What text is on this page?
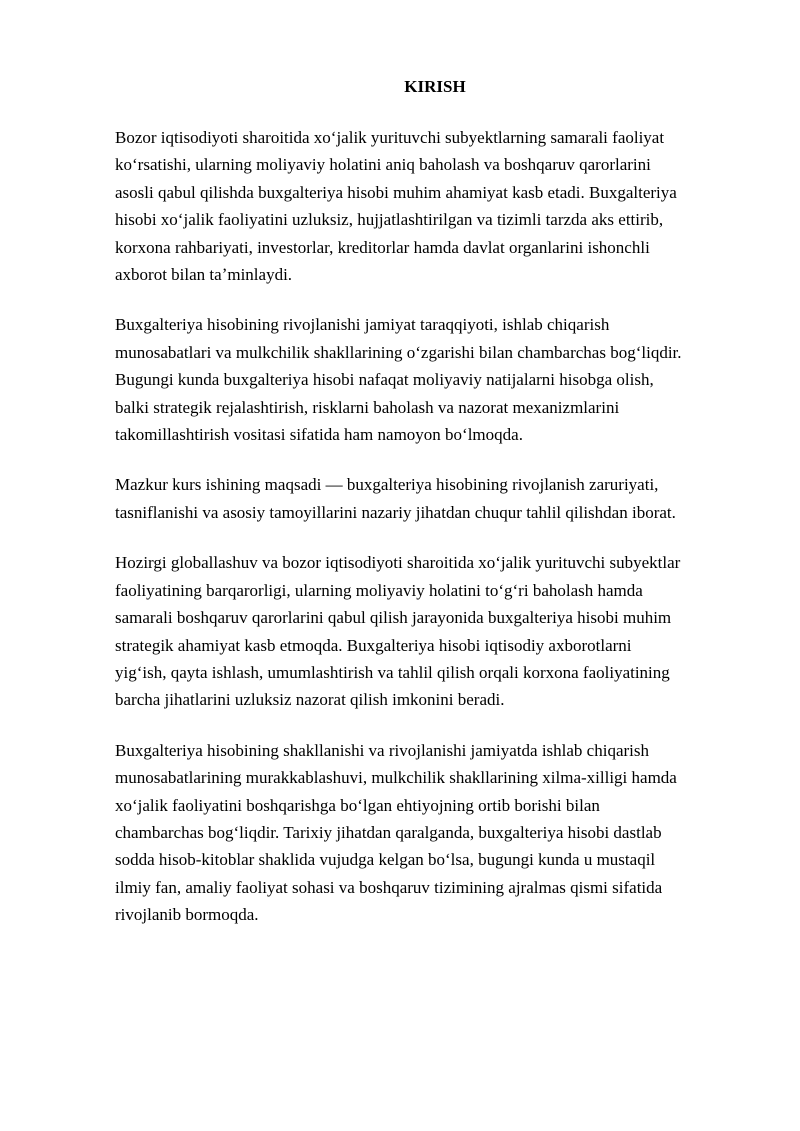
KIRISH

Bozor iqtisodiyoti sharoitida xoʻjalik yurituvchi subyektlarning samarali faoliyat
koʻrsatishi, ularning moliyaviy holatini aniq baholash va boshqaruv qarorlarini
asosli qabul qilishda buxgalteriya hisobi muhim ahamiyat kasb etadi. Buxgalteriya
hisobi xoʻjalik faoliyatini uzluksiz, hujjatlashtirilgan va tizimli tarzda aks ettirib,
korxona rahbariyati, investorlar, kreditorlar hamda davlat organlarini ishonchli
axborot bilan taʼminlaydi.

Buxgalteriya hisobining rivojlanishi jamiyat taraqqiyoti, ishlab chiqarish
munosabatlari va mulkchilik shakllarining oʻzgarishi bilan chambarchas bogʻliqdir.
Bugungi kunda buxgalteriya hisobi nafaqat moliyaviy natijalarni hisobga olish,
balki strategik rejalashtirish, risklarni baholash va nazorat mexanizmlarini
takomillashtirish vositasi sifatida ham namoyon boʻlmoqda.

Mazkur kurs ishining maqsadi — buxgalteriya hisobining rivojlanish zaruriyati,
tasniflanishi va asosiy tamoyillarini nazariy jihatdan chuqur tahlil qilishdan iborat.

Hozirgi globallashuv va bozor iqtisodiyoti sharoitida xoʻjalik yurituvchi subyektlar
faoliyatining barqarorligi, ularning moliyaviy holatini toʻgʻri baholash hamda
samarali boshqaruv qarorlarini qabul qilish jarayonida buxgalteriya hisobi muhim
strategik ahamiyat kasb etmoqda. Buxgalteriya hisobi iqtisodiy axborotlarni
yigʻish, qayta ishlash, umumlashtirish va tahlil qilish orqali korxona faoliyatining
barcha jihatlarini uzluksiz nazorat qilish imkonini beradi.

Buxgalteriya hisobining shakllanishi va rivojlanishi jamiyatda ishlab chiqarish
munosabatlarining murakkablashuvi, mulkchilik shakllarining xilma-xilligi hamda
xoʻjalik faoliyatini boshqarishga boʻlgan ehtiyojning ortib borishi bilan
chambarchas bogʻliqdir. Tarixiy jihatdan qaralganda, buxgalteriya hisobi dastlab
sodda hisob-kitoblar shaklida vujudga kelgan boʻlsa, bugungi kunda u mustaqil
ilmiy fan, amaliy faoliyat sohasi va boshqaruv tizimining ajralmas qismi sifatida
rivojlanib bormoqda.
